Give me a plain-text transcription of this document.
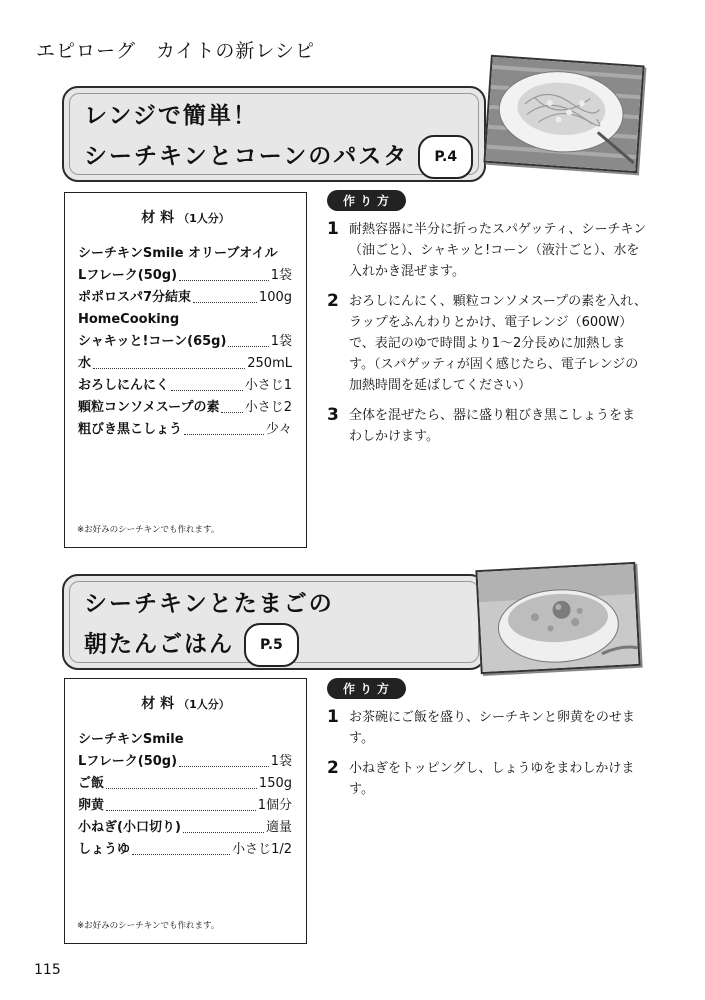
エピローグ　カイトの新レシピ
レンジで簡単！
シーチキンとコーンのパスタ P.4
材 料 （1人分）
シーチキンSmile オリーブオイル
Lフレーク(50g)	1袋
ポポロスパ7分結束	100g
HomeCooking
シャキッと!コーン(65g)	1袋
水	250mL
おろしにんにく	小さじ1
顆粒コンソメスープの素 小さじ2
粗びき黒こしょう	少々
※お好みのシーチキンでも作れます。
作り方
1 耐熱容器に半分に折ったスパゲッティ、シーチキン（油ごと）、シャキッと!コーン（液汁ごと）、水を入れかき混ぜます。
2 おろしにんにく、顆粒コンソメスープの素を入れ、ラップをふんわりとかけ、電子レンジ（600W）で、表記のゆで時間より1～2分長めに加熱します。（スパゲッティが固く感じたら、電子レンジの加熱時間を延ばしてください）
3 全体を混ぜたら、器に盛り粗びき黒こしょうをまわしかけます。
シーチキンとたまごの
朝たんごはん P.5
材 料 （1人分）
シーチキンSmile
Lフレーク(50g)	1袋
ご飯	150g
卵黄	1個分
小ねぎ(小口切り)	適量
しょうゆ	小さじ1/2
※お好みのシーチキンでも作れます。
作り方
1 お茶碗にご飯を盛り、シーチキンと卵黄をのせます。
2 小ねぎをトッピングし、しょうゆをまわしかけます。
115
